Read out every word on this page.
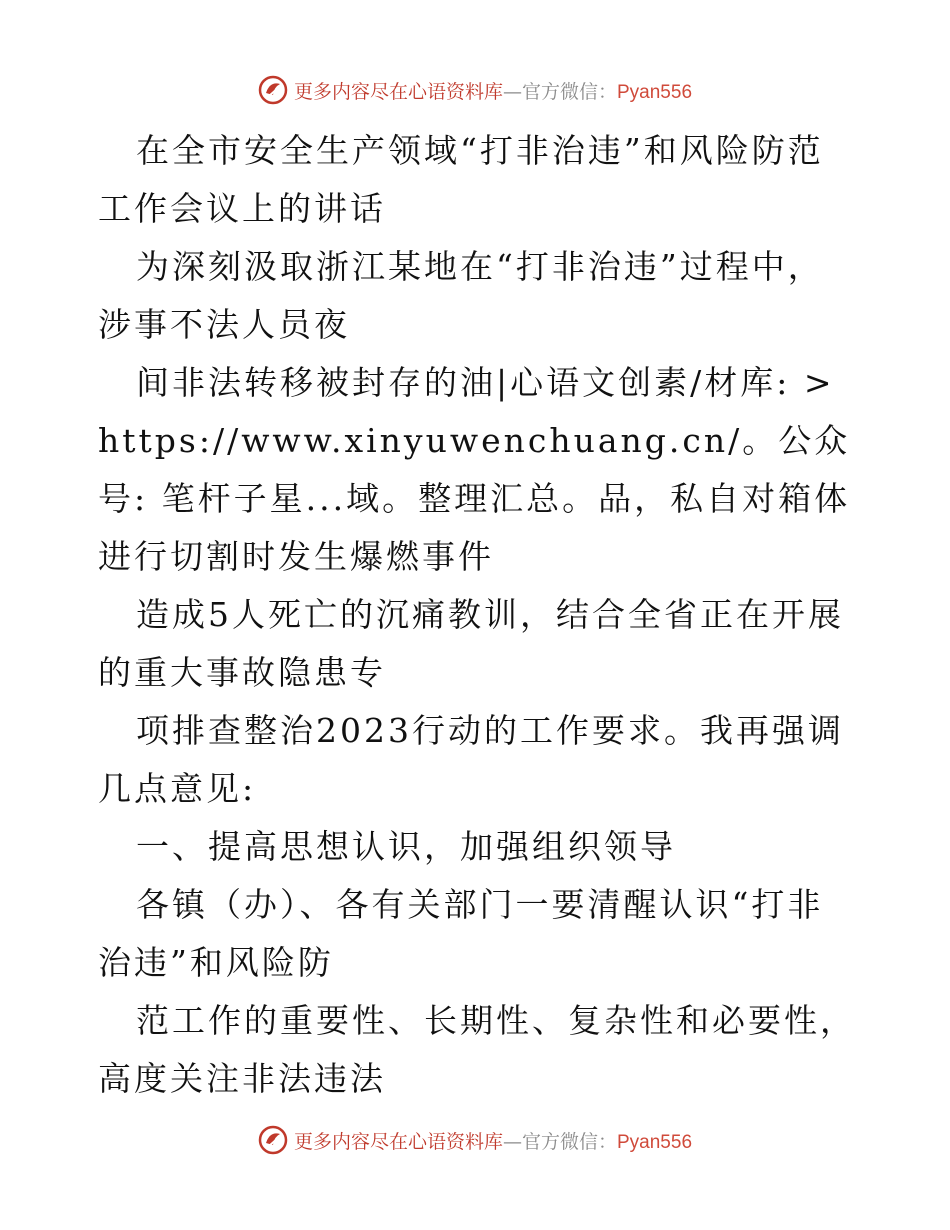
更多内容尽在心语资料库—官方微信：Pyan556

在全市安全生产领域“打非治违”和风险防范工作会议上的讲话

为深刻汲取浙江某地在“打非治违”过程中，涉事不法人员夜

间非法转移被封存的油|心语文创素/材库: >https://www.xinyuwenchuang.cn/。公众号: 笔杆子星...域。整理汇总。品，私自对箱体进行切割时发生爆燃事件

造成5人死亡的沉痛教训，结合全省正在开展的重大事故隐患专

项排查整治2023行动的工作要求。我再强调几点意见:

一、提高思想认识，加强组织领导

各镇（办）、各有关部门一要清醒认识“打非治违”和风险防

范工作的重要性、长期性、复杂性和必要性，高度关注非法违法

更多内容尽在心语资料库—官方微信：Pyan556
